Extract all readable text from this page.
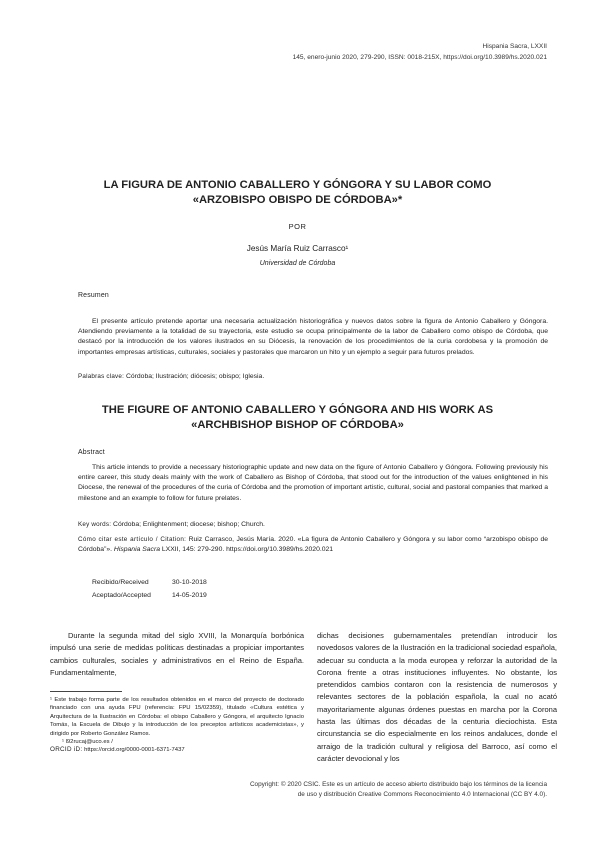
Hispania Sacra, LXXII
145, enero-junio 2020, 279-290, ISSN: 0018-215X, https://doi.org/10.3989/hs.2020.021
LA FIGURA DE ANTONIO CABALLERO Y GÓNGORA Y SU LABOR COMO
«ARZOBISPO OBISPO DE CÓRDOBA»*
POR
Jesús María Ruiz Carrasco¹
Universidad de Córdoba
Resumen
El presente artículo pretende aportar una necesaria actualización historiográfica y nuevos datos sobre la figura de Antonio Caballero y Góngora. Atendiendo previamente a la totalidad de su trayectoria, este estudio se ocupa principalmente de la labor de Caballero como obispo de Córdoba, que destacó por la introducción de los valores ilustrados en su Diócesis, la renovación de los procedimientos de la curia cordobesa y la promoción de importantes empresas artísticas, culturales, sociales y pastorales que marcaron un hito y un ejemplo a seguir para futuros prelados.
Palabras clave: Córdoba; Ilustración; diócesis; obispo; Iglesia.
THE FIGURE OF ANTONIO CABALLERO Y GÓNGORA AND HIS WORK AS
«ARCHBISHOP BISHOP OF CÓRDOBA»
Abstract
This article intends to provide a necessary historiographic update and new data on the figure of Antonio Caballero y Góngora. Following previously his entire career, this study deals mainly with the work of Caballero as Bishop of Córdoba, that stood out for the introduction of the values enlightened in his Diocese, the renewal of the procedures of the curia of Córdoba and the promotion of important artistic, cultural, social and pastoral companies that marked a milestone and an example to follow for future prelates.
Key words: Córdoba; Enlightenment; diocese; bishop; Church.
Cómo citar este artículo / Citation: Ruiz Carrasco, Jesús María. 2020. «La figura de Antonio Caballero y Góngora y su labor como “arzobispo obispo de Córdoba”». Hispania Sacra LXXII, 145: 279-290. https://doi.org/10.3989/hs.2020.021
Recibido/Received	30-10-2018
Aceptado/Accepted	14-05-2019

Durante la segunda mitad del siglo XVIII, la Monarquía borbónica impulsó una serie de medidas políticas destinadas a propiciar importantes cambios culturales, sociales y administrativos en el Reino de España. Fundamentalmente,

dichas decisiones gubernamentales pretendían introducir los novedosos valores de la Ilustración en la tradicional sociedad española, adecuar su conducta a la moda europea y reforzar la autoridad de la Corona frente a otras instituciones influyentes. No obstante, los pretendidos cambios contaron con la resistencia de numerosos y relevantes sectores de la población española, la cual no acató mayoritariamente algunas órdenes puestas en marcha por la Corona hasta las últimas dos décadas de la centuria dieciochista. Esta circunstancia se dio especialmente en los reinos andaluces, donde el arraigo de la tradición cultural y religiosa del Barroco, así como el carácter devocional y los

¹ Este trabajo forma parte de los resultados obtenidos en el marco del proyecto de doctorado financiado con una ayuda FPU (referencia: FPU 15/02359), titulado «Cultura estética y Arquitectura de la Ilustración en Córdoba: el obispo Caballero y Góngora, el arquitecto Ignacio Tomás, la Escuela de Dibujo y la introducción de los preceptos artísticos academicistas», y dirigido por Roberto González Ramos.

¹ l92rucaj@uco.es /

ORCID iD: https://orcid.org/0000-0001-6371-7437

Copyright: © 2020 CSIC. Este es un artículo de acceso abierto distribuido bajo los términos de la licencia
de uso y distribución Creative Commons Reconocimiento 4.0 Internacional (CC BY 4.0).
